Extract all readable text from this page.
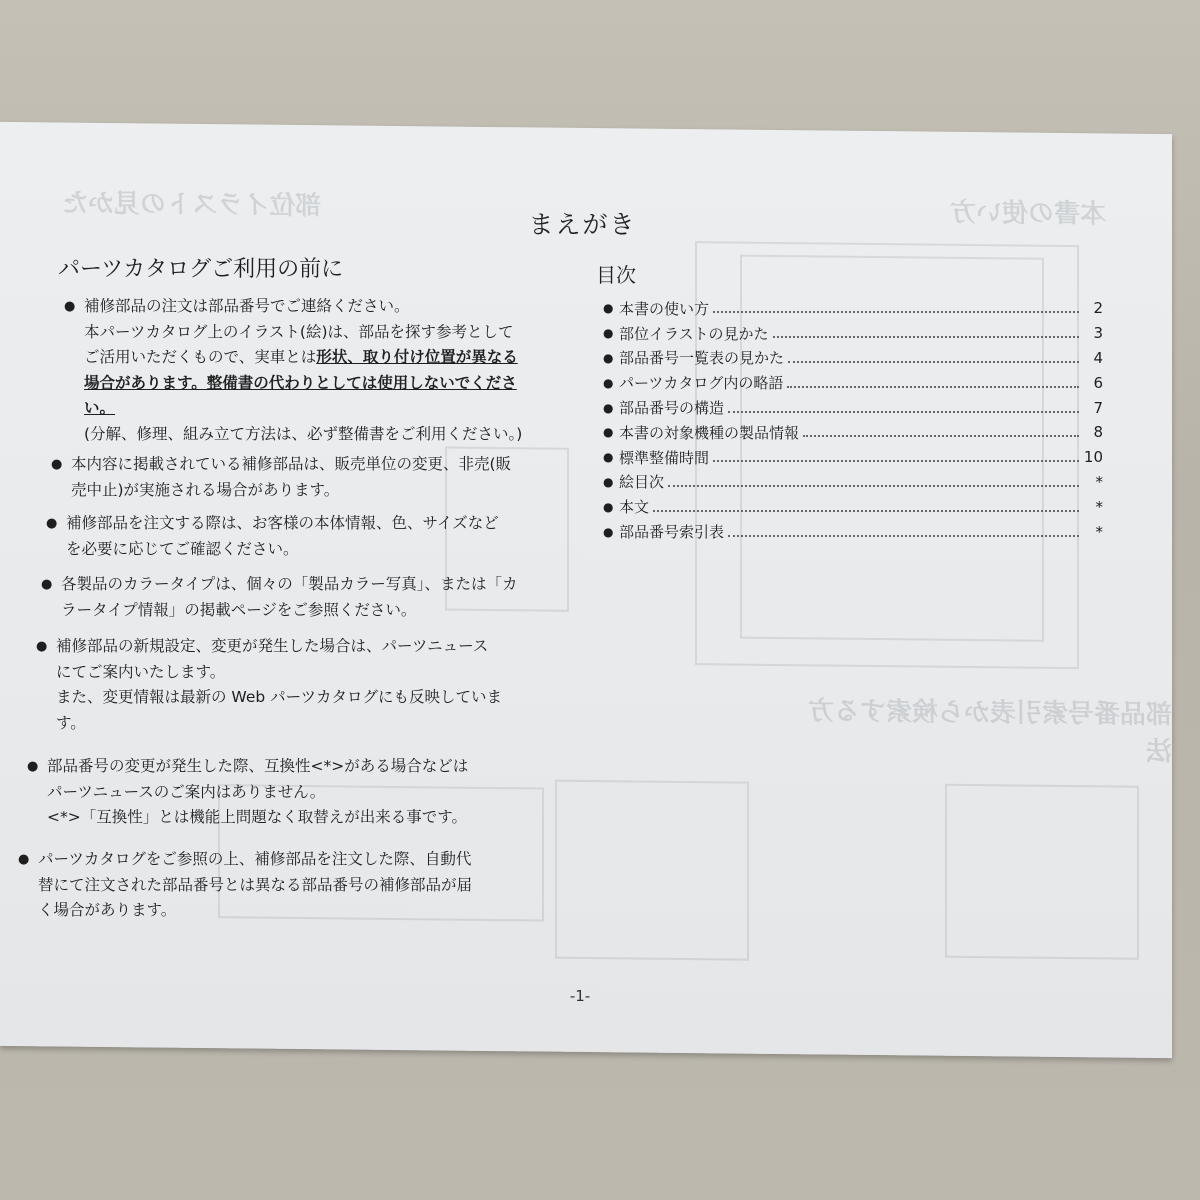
本書の使い方
部位イラストの見かた
部品番号索引表から検索する方法
まえがき
パーツカタログご利用の前に
● 補修部品の注文は部品番号でご連絡ください。
本パーツカタログ上のイラスト(絵)は、部品を探す参考として
ご活用いただくもので、実車とは形状、取り付け位置が異なる
場合があります。整備書の代わりとしては使用しないでくださ
い。
(分解、修理、組み立て方法は、必ず整備書をご利用ください。)
● 本内容に掲載されている補修部品は、販売単位の変更、非売(販
売中止)が実施される場合があります。
● 補修部品を注文する際は、お客様の本体情報、色、サイズなど
を必要に応じてご確認ください。
● 各製品のカラータイプは、個々の「製品カラー写真」、または「カ
ラータイプ情報」の掲載ページをご参照ください。
● 補修部品の新規設定、変更が発生した場合は、パーツニュース
にてご案内いたします。
また、変更情報は最新の Web パーツカタログにも反映していま
す。
● 部品番号の変更が発生した際、互換性<*>がある場合などは
パーツニュースのご案内はありません。
<*>「互換性」とは機能上問題なく取替えが出来る事です。
● パーツカタログをご参照の上、補修部品を注文した際、自動代
替にて注文された部品番号とは異なる部品番号の補修部品が届
く場合があります。
目次
● 本書の使い方	2
● 部位イラストの見かた	3
● 部品番号一覧表の見かた	4
● パーツカタログ内の略語	6
● 部品番号の構造	7
● 本書の対象機種の製品情報	8
● 標準整備時間	10
● 絵目次	*
● 本文	*
● 部品番号索引表	*
-1-
